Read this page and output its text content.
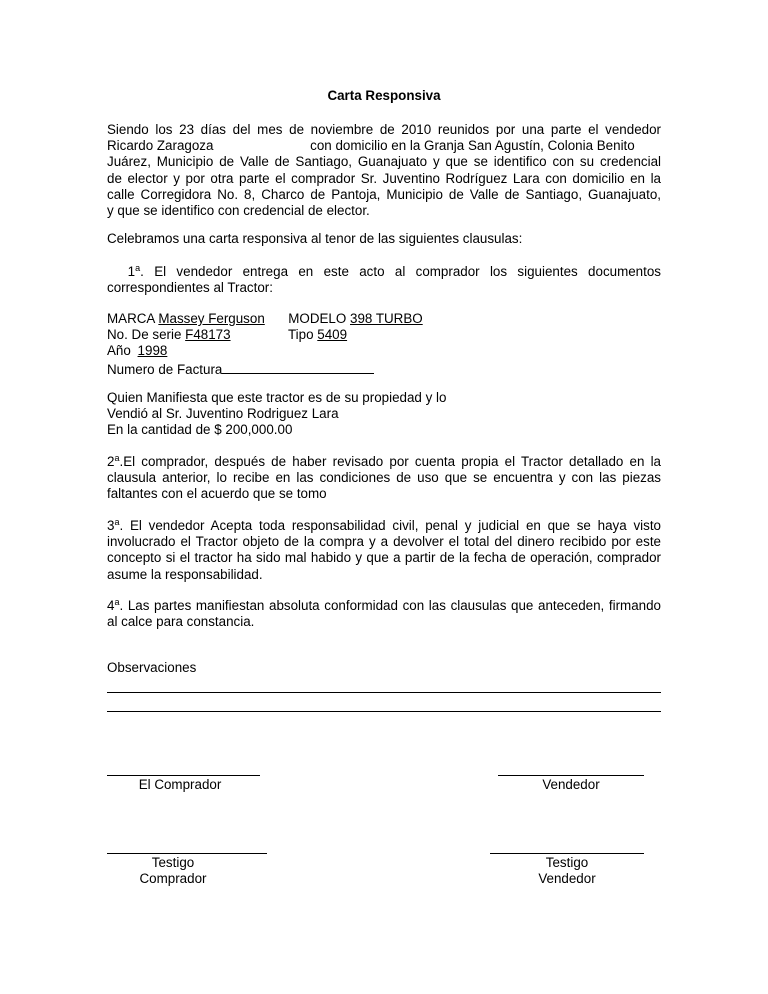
Carta Responsiva
Siendo los 23 días del mes de noviembre de 2010 reunidos por una parte el vendedor
Ricardo Zaragoza                          con domicilio en la Granja San Agustín, Colonia Benito
Juárez, Municipio de Valle de Santiago, Guanajuato y que se identifico con su credencial
de elector y por otra parte el comprador Sr. Juventino Rodríguez Lara con domicilio en la
calle Corregidora No. 8, Charco de Pantoja, Municipio de Valle de Santiago, Guanajuato,
y que se identifico con credencial de elector.
Celebramos una carta responsiva al tenor de las siguientes clausulas:
1$^a$. El vendedor entrega en este acto al comprador los siguientes documentos correspondientes al Tractor:
MARCA Massey Ferguson MODELO 398 TURBO
No. De serie F48173	Tipo 5409
Año 1998
Numero de Factura
Quien Manifiesta que este tractor es de su propiedad y lo
Vendió al Sr. Juventino Rodriguez Lara
En la cantidad de $ 200,000.00
2$^a$.El comprador, después de haber revisado por cuenta propia el Tractor detallado en la clausula anterior, lo recibe en las condiciones de uso que se encuentra y con las piezas faltantes con el acuerdo que se tomo
3$^a$. El vendedor Acepta toda responsabilidad civil, penal y judicial en que se haya visto involucrado el Tractor objeto de la compra y a devolver el total del dinero recibido por este concepto si el tractor ha sido mal habido y que a partir de la fecha de operación, comprador asume la responsabilidad.
4$^a$. Las partes manifiestan absoluta conformidad con las clausulas que anteceden, firmando al calce para constancia.
Observaciones
El Comprador	Vendedor
Testigo
Comprador
Testigo
Vendedor
